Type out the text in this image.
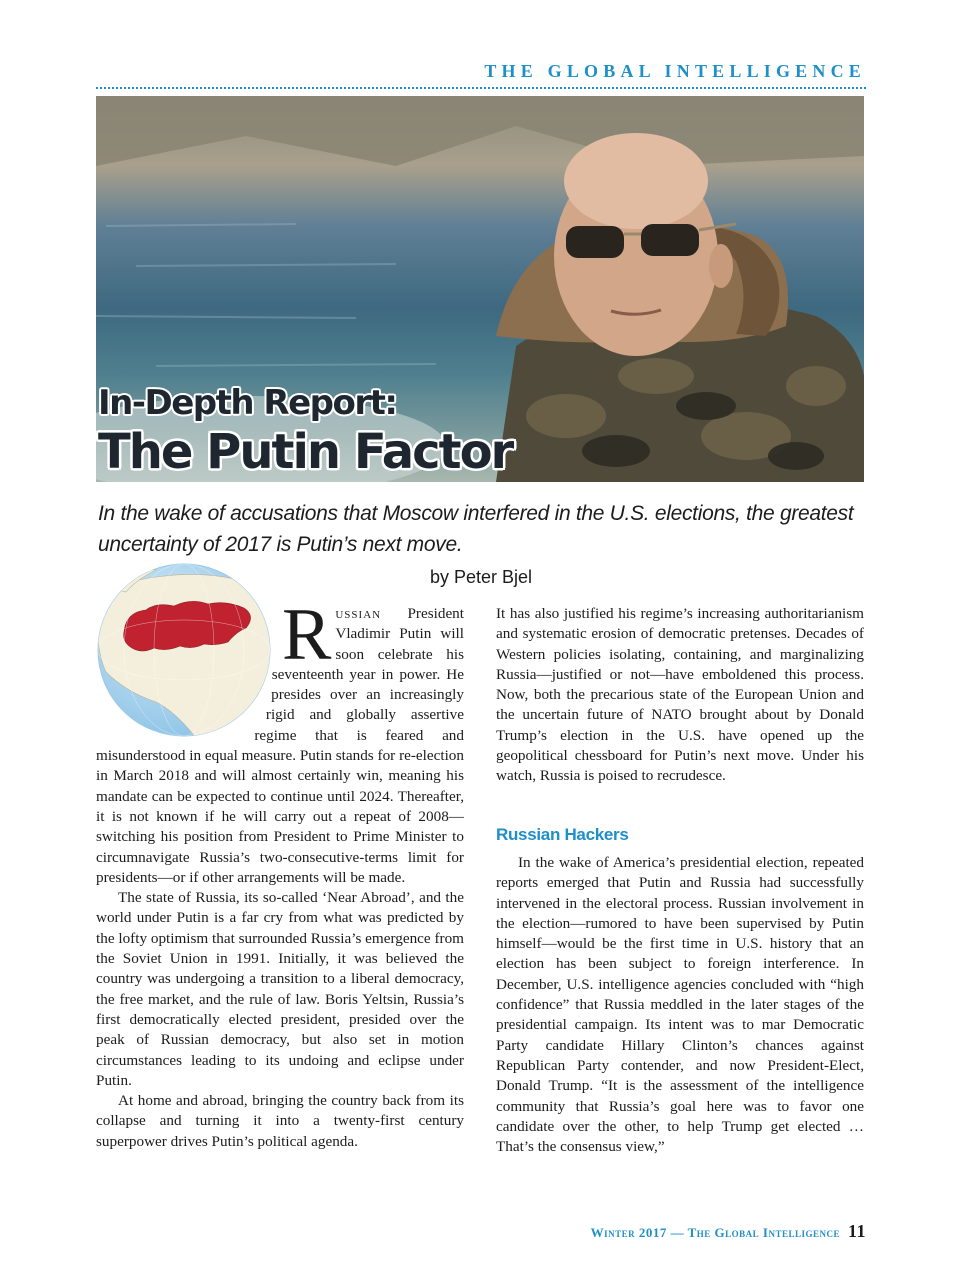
THE GLOBAL INTELLIGENCE
In-Depth Report:
The Putin Factor
In the wake of accusations that Moscow interfered in the U.S. elections, the greatest uncertainty of 2017 is Putin’s next move.
by Peter Bjel

Russian President Vladimir Putin will soon celebrate his seventeenth year in power. He presides over an increasingly rigid and globally assertive regime that is feared and misunderstood in equal measure. Putin stands for re-election in March 2018 and will almost certainly win, meaning his mandate can be expected to continue until 2024. Thereafter, it is not known if he will carry out a repeat of 2008—switching his position from President to Prime Minister to circumnavigate Russia’s two-consecutive-terms limit for presidents—or if other arrangements will be made.

The state of Russia, its so-called ‘Near Abroad’, and the world under Putin is a far cry from what was predicted by the lofty optimism that surrounded Russia’s emergence from the Soviet Union in 1991. Initially, it was believed the country was undergoing a transition to a liberal democracy, the free market, and the rule of law. Boris Yeltsin, Russia’s first democratically elected president, presided over the peak of Russian democracy, but also set in motion circumstances leading to its undoing and eclipse under Putin.

At home and abroad, bringing the country back from its collapse and turning it into a twenty-first century superpower drives Putin’s political agenda.

It has also justified his regime’s increasing authoritarianism and systematic erosion of democratic pretenses. Decades of Western policies isolating, containing, and marginalizing Russia—justified or not—have emboldened this process. Now, both the precarious state of the European Union and the uncertain future of NATO brought about by Donald Trump’s election in the U.S. have opened up the geopolitical chessboard for Putin’s next move. Under his watch, Russia is poised to recrudesce.

Russian Hackers

In the wake of America’s presidential election, repeated reports emerged that Putin and Russia had successfully intervened in the electoral process. Russian involvement in the election—rumored to have been supervised by Putin himself—would be the first time in U.S. history that an election has been subject to foreign interference. In December, U.S. intelligence agencies concluded with “high confidence” that Russia meddled in the later stages of the presidential campaign. Its intent was to mar Democratic Party candidate Hillary Clinton’s chances against Republican Party contender, and now President-Elect, Donald Trump. “It is the assessment of the intelligence community that Russia’s goal here was to favor one candidate over the other, to help Trump get elected … That’s the consensus view,”

Winter 2017 — The Global Intelligence 11
